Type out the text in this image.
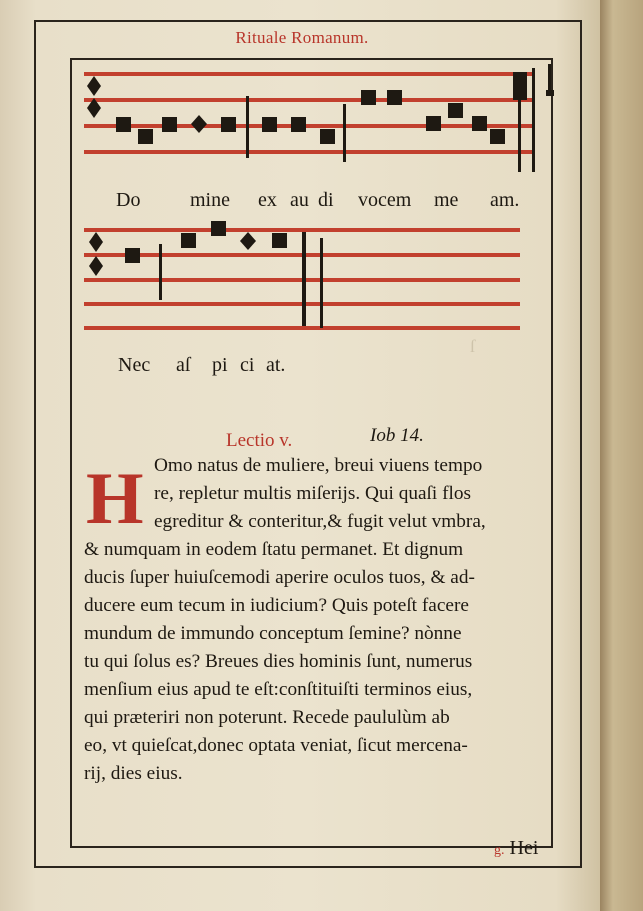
ſ
Rituale Romanum.
Do mine ex au di vocem me am.
Nec aſ pi ci at.
Lectio v.	Iob 14.
H Omo natus de muliere, breui viuens tempo
re, repletur multis miſerijs. Qui quaſi flos
egreditur & conteritur,& fugit velut vmbra,
& numquam in eodem ſtatu permanet. Et dignum
ducis ſuper huiuſcemodi aperire oculos tuos, & ad-
ducere eum tecum in iudicium? Quis poteſt facere
mundum de immundo conceptum ſemine? nònne
tu qui ſolus es? Breues dies hominis ſunt, numerus
menſium eius apud te eſt:conſtituiſti terminos eius,
qui præteriri non poterunt. Recede paululùm ab
eo, vt quieſcat,donec optata veniat, ſicut mercena-
rij, dies eius.
g. Hei
